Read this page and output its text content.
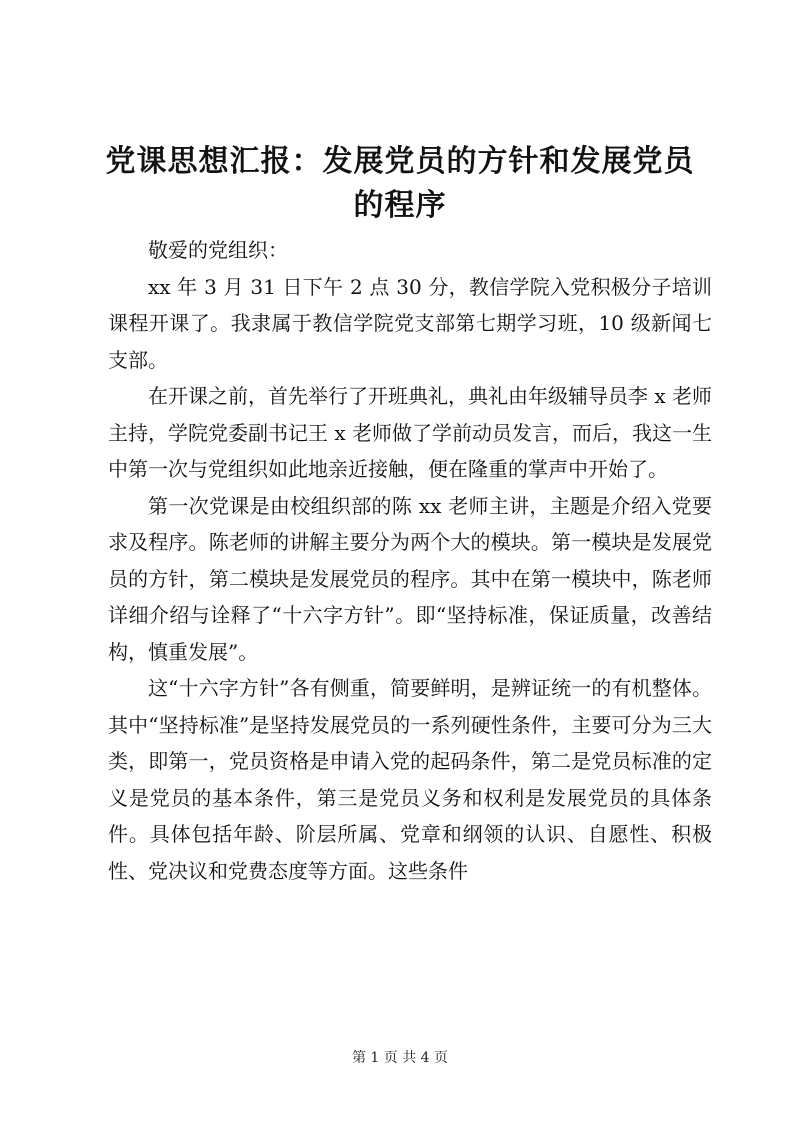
党课思想汇报：发展党员的方针和发展党员的程序

敬爱的党组织：

xx 年 3 月 31 日下午 2 点 30 分，教信学院入党积极分子培训课程开课了。我隶属于教信学院党支部第七期学习班，10 级新闻七支部。

在开课之前，首先举行了开班典礼，典礼由年级辅导员李 x 老师主持，学院党委副书记王 x 老师做了学前动员发言，而后，我这一生中第一次与党组织如此地亲近接触，便在隆重的掌声中开始了。

第一次党课是由校组织部的陈 xx 老师主讲，主题是介绍入党要求及程序。陈老师的讲解主要分为两个大的模块。第一模块是发展党员的方针，第二模块是发展党员的程序。其中在第一模块中，陈老师详细介绍与诠释了“十六字方针”。即“坚持标准，保证质量，改善结构，慎重发展”。

这“十六字方针”各有侧重，简要鲜明，是辨证统一的有机整体。其中“坚持标准”是坚持发展党员的一系列硬性条件，主要可分为三大类，即第一，党员资格是申请入党的起码条件，第二是党员标准的定义是党员的基本条件，第三是党员义务和权利是发展党员的具体条件。具体包括年龄、阶层所属、党章和纲领的认识、自愿性、积极性、党决议和党费态度等方面。这些条件

第 1 页 共 4 页
